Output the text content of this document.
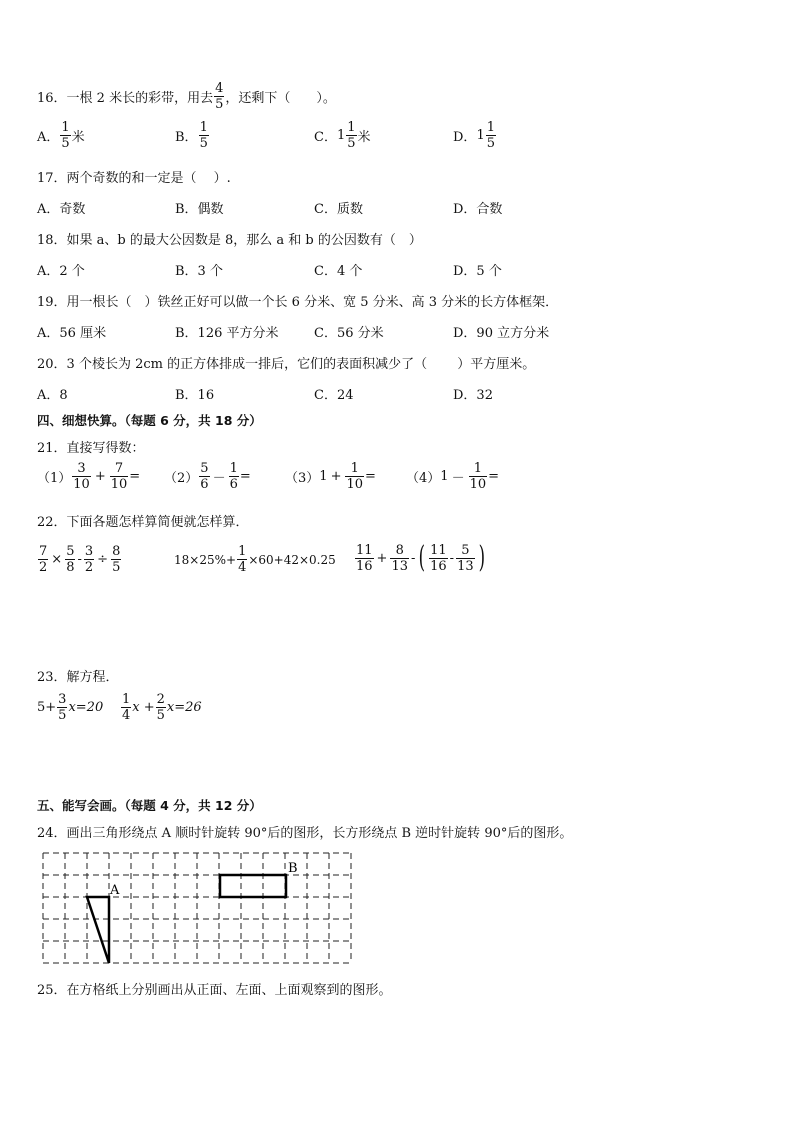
16．一根 2 米长的彩带，用去 $\frac{4}{5}$ ，还剩下（　　）。
A． $\frac{1}{5}$ 米	B． $\frac{1}{5}$	C． $1 \frac{1}{5}$ 米	D． $1 \frac{1}{5}$
17．两个奇数的和一定是（　 ）.
A．奇数	B．偶数	C．质数	D．合数
18．如果 a、b 的最大公因数是 8，那么 a 和 b 的公因数有（　）
A．2 个	B．3 个	C．4 个	D．5 个
19．用一根长（　）铁丝正好可以做一个长 6 分米、宽 5 分米、高 3 分米的长方体框架．
A．56 厘米	B．126 平方分米	C．56 分米	D．90 立方分米
20．3 个棱长为 2cm 的正方体排成一排后，它们的表面积减少了（　　 ）平方厘米。
A．8	B．16	C．24	D．32
四、细想快算。（每题 6 分，共 18 分）
21．直接写得数：
$(1) \frac{3}{10} + \frac{7}{10} = (2) \frac{5}{6} - \frac{1}{6}$ =	（3） $1 + \frac{1}{10} = (4) 1 - \frac{1}{10}$ =
22．下面各题怎样算简便就怎样算．
$\frac{7}{2} \times \frac{5}{8} - \frac{3}{2} \div \frac{8}{5}$	$18\times 25\%+ \frac{1}{4} \times 60+42\times 0.25 \frac{11}{16} + \frac{8}{13}$ - ( $\frac{11}{16} - \frac{5}{13}$ )
23．解方程．
$5+ \frac{3}{5} x=20 \frac{1}{4}$ $x + \frac{2}{5} x=26$
五、能写会画。（每题 4 分，共 12 分）
24．画出三角形绕点 A 顺时针旋转 90°后的图形，长方形绕点 B 逆时针旋转 90°后的图形。
A
B
25．在方格纸上分别画出从正面、左面、上面观察到的图形。
